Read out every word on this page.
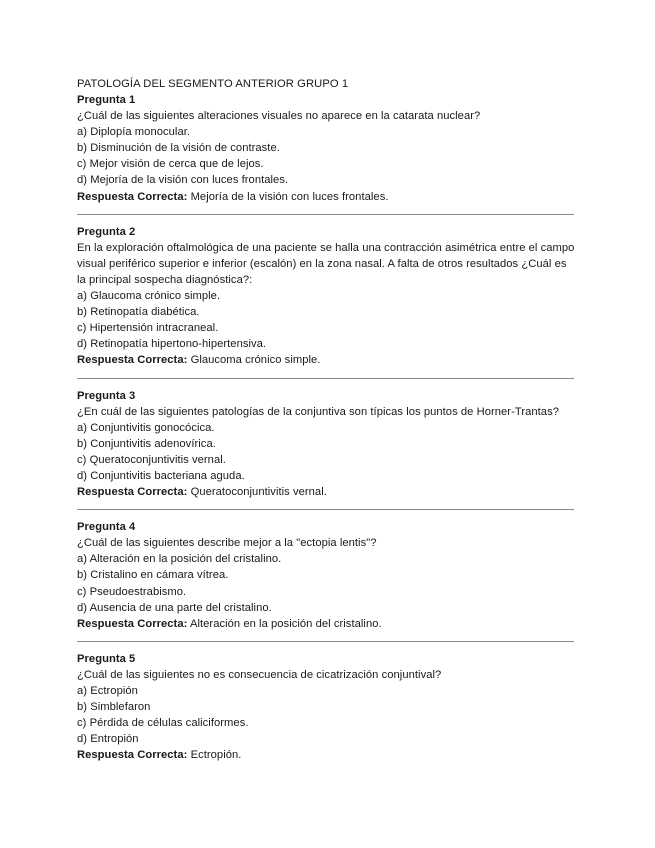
PATOLOGÍA DEL SEGMENTO ANTERIOR GRUPO 1

Pregunta 1

¿Cuál de las siguientes alteraciones visuales no aparece en la catarata nuclear?

a) Diplopía monocular.
b) Disminución de la visión de contraste.
c) Mejor visión de cerca que de lejos.
d) Mejoría de la visión con luces frontales.

Respuesta Correcta: Mejoría de la visión con luces frontales.

Pregunta 2

En la exploración oftalmológica de una paciente se halla una contracción asimétrica entre el campo visual periférico superior e inferior (escalón) en la zona nasal. A falta de otros resultados ¿Cuál es la principal sospecha diagnóstica?:

a) Glaucoma crónico simple.
b) Retinopatía diabética.
c) Hipertensión intracraneal.
d) Retinopatía hipertono-hipertensiva.

Respuesta Correcta: Glaucoma crónico simple.

Pregunta 3

¿En cuál de las siguientes patologías de la conjuntiva son típicas los puntos de Horner-Trantas?

a) Conjuntivitis gonocócica.
b) Conjuntivitis adenovírica.
c) Queratoconjuntivitis vernal.
d) Conjuntivitis bacteriana aguda.

Respuesta Correcta: Queratoconjuntivitis vernal.

Pregunta 4

¿Cuál de las siguientes describe mejor a la "ectopia lentis"?

a) Alteración en la posición del cristalino.
b) Cristalino en cámara vítrea.
c) Pseudoestrabismo.
d) Ausencia de una parte del cristalino.

Respuesta Correcta: Alteración en la posición del cristalino.

Pregunta 5

¿Cuál de las siguientes no es consecuencia de cicatrización conjuntival?

a) Ectropión
b) Simblefaron
c) Pérdida de células caliciformes.
d) Entropión

Respuesta Correcta: Ectropión.
